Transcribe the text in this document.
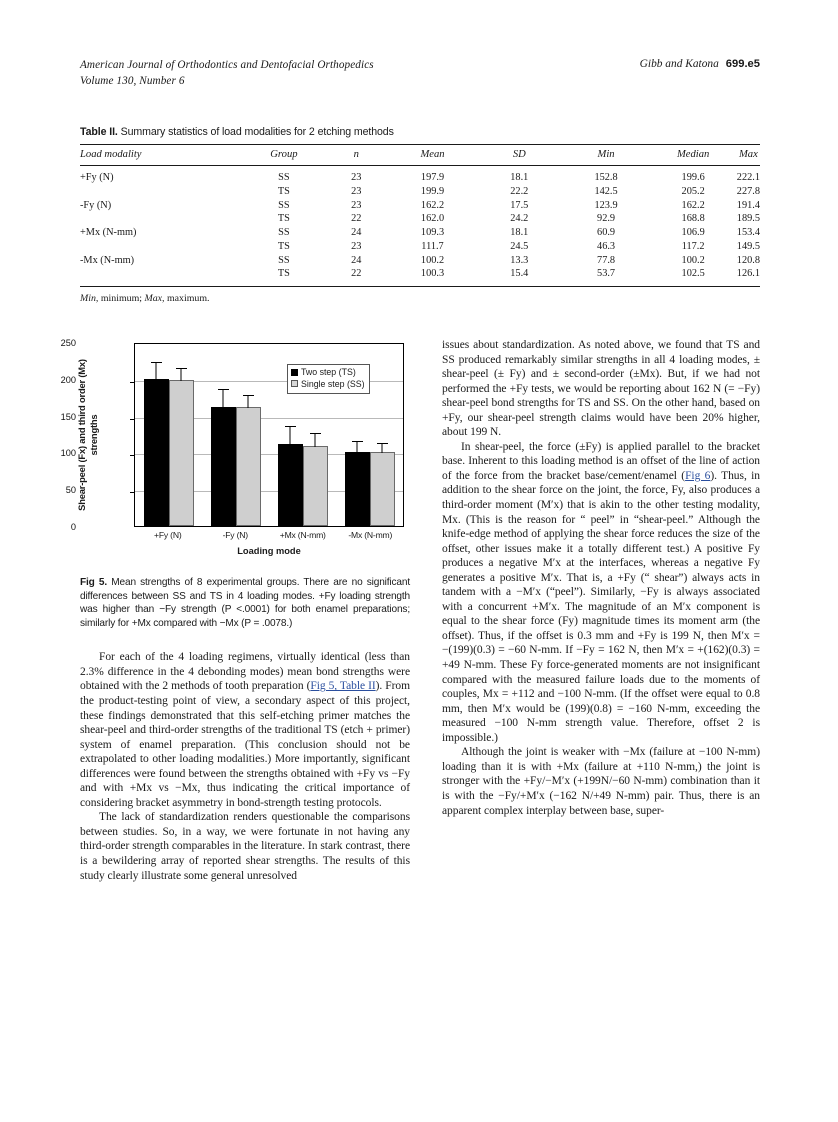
American Journal of Orthodontics and Dentofacial Orthopedics
Volume 130, Number 6
Gibb and Katona 699.e5
Table II. Summary statistics of load modalities for 2 etching methods
Load modality	Group	n	Mean	SD	Min	Median	Max
+Fy (N)	SS	23	197.9	18.1	152.8	199.6	222.1
	TS	23	199.9	22.2	142.5	205.2	227.8
-Fy (N)	SS	23	162.2	17.5	123.9	162.2	191.4
	TS	22	162.0	24.2	92.9	168.8	189.5
+Mx (N-mm)	SS	24	109.3	18.1	60.9	106.9	153.4
	TS	23	111.7	24.5	46.3	117.2	149.5
-Mx (N-mm)	SS	24	100.2	13.3	77.8	100.2	120.8
	TS	22	100.3	15.4	53.7	102.5	126.1
Min, minimum; Max, maximum.
Shear-peel (Fx) and third order (Mx)
strengths
250
200
150
100
50
0
Two step (TS)
Single step (SS)
+Fy (N)	-Fy (N)	+Mx (N-mm)	-Mx (N-mm)
Loading mode
Fig 5. Mean strengths of 8 experimental groups. There are no significant differences between SS and TS in 4 loading modes. +Fy loading strength was higher than −Fy strength (P <.0001) for both enamel preparations; similarly for +Mx compared with −Mx (P = .0078.)

For each of the 4 loading regimens, virtually identical (less than 2.3% difference in the 4 debonding modes) mean bond strengths were obtained with the 2 methods of tooth preparation (Fig 5, Table II). From the product-testing point of view, a secondary aspect of this project, these findings demonstrated that this self-etching primer matches the shear-peel and third-order strengths of the traditional TS (etch + primer) system of enamel preparation. (This conclusion should not be extrapolated to other loading modalities.) More importantly, significant differences were found between the strengths obtained with +Fy vs −Fy and with +Mx vs −Mx, thus indicating the critical importance of considering bracket asymmetry in bond-strength testing protocols.

The lack of standardization renders questionable the comparisons between studies. So, in a way, we were fortunate in not having any third-order strength comparables in the literature. In stark contrast, there is a bewildering array of reported shear strengths. The results of this study clearly illustrate some general unresolved

issues about standardization. As noted above, we found that TS and SS produced remarkably similar strengths in all 4 loading modes, ± shear-peel (± Fy) and ± second-order (±Mx). But, if we had not performed the +Fy tests, we would be reporting about 162 N (= −Fy) shear-peel bond strengths for TS and SS. On the other hand, based on +Fy, our shear-peel strength claims would have been 20% higher, about 199 N.

In shear-peel, the force (±Fy) is applied parallel to the bracket base. Inherent to this loading method is an offset of the line of action of the force from the bracket base/cement/enamel (Fig 6). Thus, in addition to the shear force on the joint, the force, Fy, also produces a third-order moment (M′x) that is akin to the other testing modality, Mx. (This is the reason for “ peel” in “shear-peel.” Although the knife-edge method of applying the shear force reduces the size of the offset, other issues make it a totally different test.) A positive Fy produces a negative M′x at the interfaces, whereas a negative Fy generates a positive M′x. That is, a +Fy (“ shear”) always acts in tandem with a −M′x (“peel”). Similarly, −Fy is always associated with a concurrent +M′x. The magnitude of an M′x component is equal to the shear force (Fy) magnitude times its moment arm (the offset). Thus, if the offset is 0.3 mm and +Fy is 199 N, then M′x = −(199)(0.3) = −60 N-mm. If −Fy = 162 N, then M′x = +(162)(0.3) = +49 N-mm. These Fy force-generated moments are not insignificant compared with the measured failure loads due to the moments of couples, Mx = +112 and −100 N-mm. (If the offset were equal to 0.8 mm, then M′x would be (199)(0.8) = −160 N-mm, exceeding the measured −100 N-mm strength value. Therefore, offset 2 is impossible.)

Although the joint is weaker with −Mx (failure at −100 N-mm) loading than it is with +Mx (failure at +110 N-mm,) the joint is stronger with the +Fy/−M′x (+199N/−60 N-mm) combination than it is with the −Fy/+M′x (−162 N/+49 N-mm) pair. Thus, there is an apparent complex interplay between base, super-
